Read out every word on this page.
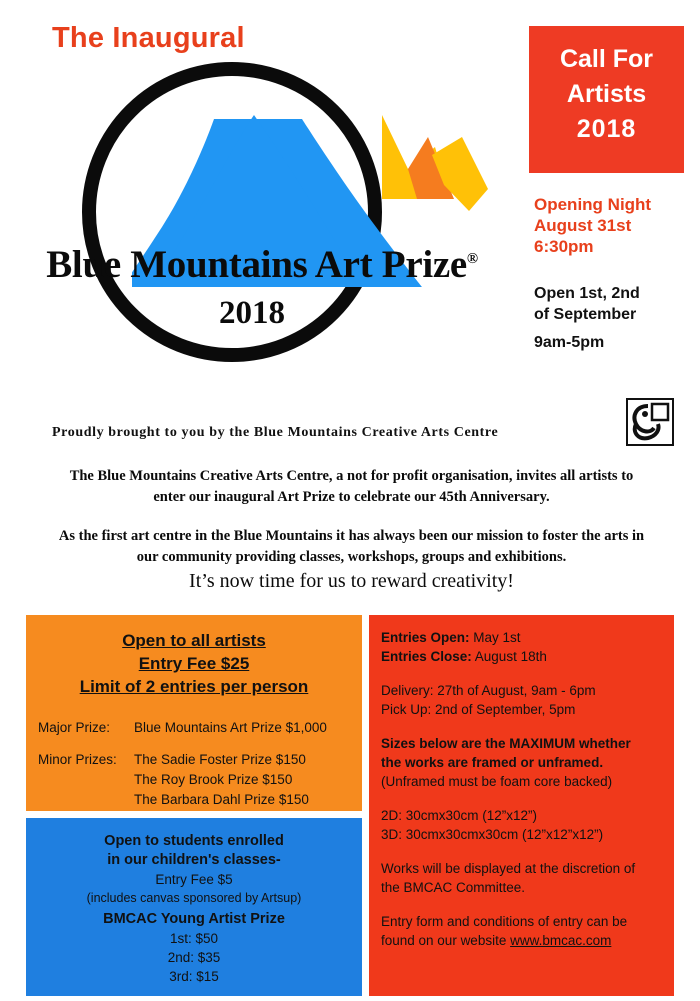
The Inaugural
Blue Mountains Art Prize®
2018
Call For
Artists
2018
Opening Night
August 31st
6:30pm
Open 1st, 2nd
of September
9am-5pm
Proudly brought to you by the Blue Mountains Creative Arts Centre

The Blue Mountains Creative Arts Centre, a not for profit organisation, invites all artists to enter our inaugural Art Prize to celebrate our 45th Anniversary.

As the first art centre in the Blue Mountains it has always been our mission to foster the arts in our community providing classes, workshops, groups and exhibitions.

It’s now time for us to reward creativity!
Open to all artists
Entry Fee $25
Limit of 2 entries per person
Major Prize:	Blue Mountains Art Prize $1,000
Minor Prizes:	The Sadie Foster Prize $150
The Roy Brook Prize $150
The Barbara Dahl Prize $150
Open to students enrolled
in our children's classes-
Entry Fee $5
(includes canvas sponsored by Artsup)
BMCAC Young Artist Prize
1st: $50
2nd: $35
3rd: $15
Entries Open: May 1st
Entries Close: August 18th
Delivery: 27th of August, 9am - 6pm
Pick Up: 2nd of September, 5pm
Sizes below are the MAXIMUM whether
the works are framed or unframed.
(Unframed must be foam core backed)
2D: 30cmx30cm (12”x12”)
3D: 30cmx30cmx30cm (12”x12”x12”)
Works will be displayed at the discretion of
the BMCAC Committee.
Entry form and conditions of entry can be
found on our website www.bmcac.com
